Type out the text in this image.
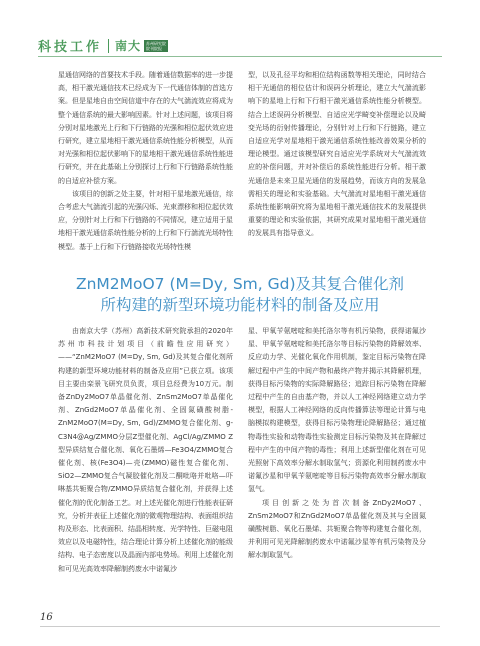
科技工作 南大 苏州研究院
院刊院报

星通信网络的首要技术手段。随着通信数据率的进一步提高，相干激光通信技术已经成为下一代通信体制的首选方案。但是星地自由空间信道中存在的大气湍流效应将成为整个通信系统的最大影响因素。针对上述问题，该项目将分别对星地激光上行和下行链路的光强和相位起伏效应进行研究，建立星地相干激光通信系统性能分析模型，从而对光强和相位起伏影响下的星地相干激光通信系统性能进行研究，并在此基础上分别探讨上行和下行链路系统性能的自适应补偿方案。

该项目的创新之处主要，针对相干星地激光通信，综合考虑大气湍流引起的光强闪烁、光束漂移和相位起伏效应，分别针对上行和下行链路的不同情况，建立适用于星地相干激光通信系统性能分析的上行和下行湍流光场特性模型。基于上行和下行链路接收光场特性模

型，以及孔径平均和相位结构函数等相关理论，同时结合相干光通信的相位估计和误码分析理论，建立大气湍流影响下的星地上行和下行相干激光通信系统性能分析模型。结合上述误码分析模型、自适应光学畸变补偿理论以及畸变光场的衍射传播理论，分别针对上行和下行链路，建立自适应光学对星地相干激光通信系统性能改善效果分析的理论模型。通过该模型研究自适应光学系统对大气湍流效应的补偿问题，并对补偿后的系统性能进行分析。相干激光通信是未来卫星光通信的发展趋势，而该方向的发展急需相关的理论和实验基础。大气湍流对星地相干激光通信系统性能影响研究将为星地相干激光通信技术的发展提供重要的理论和实验依据，其研究成果对星地相干激光通信的发展具有指导意义。

ZnM2MoO7 (M=Dy, Sm, Gd)及其复合催化剂
所构建的新型环境功能材料的制备及应用

由南京大学（苏州）高新技术研究院承担的2020年苏州市科技计划项目（前瞻性应用研究）——“ZnM2MoO7 (M=Dy, Sm, Gd)及其复合催化剂所构建的新型环境功能材料的制备及应用”已获立项。该项目主要由栾景飞研究员负责，项目总经费为10万元。制备ZnDy2MoO7单晶催化剂、ZnSm2MoO7单晶催化剂、ZnGd2MoO7单晶催化剂、全固氮磺酸树脂-ZnM2MoO7(M=Dy, Sm, Gd)/ZMMO复合催化剂、g-C3N4@Ag/ZMMO分层Z型催化剂、AgCl/Ag/ZMMO Z型异质结复合催化剂、氧化石墨烯—Fe3O4/ZMMO复合催化剂、核(Fe3O4)—壳(ZMMO)磁性复合催化剂、SiO2—ZMMO复合气凝胶催化剂及二酮吡咯并吡咯—吓啉基共轭聚合物/ZMMO异质结复合催化剂，并获得上述催化剂的优化制备工艺。对上述光催化剂进行性能表征研究，分析并表征上述催化剂的微观物理结构、表面组织结构及形态、比表面积、结晶相转度、光学特性、巨磁电阻效应以及电磁特性，结合理论计算分析上述催化剂的能级结构、电子态密度以及晶面内部电势场。利用上述催化剂和可见光高效率降解制药废水中诺氟沙

星、甲氧苄氨嘧啶和美托洛尔等有机污染物，获得诺氟沙星、甲氧苄氨嘧啶和美托洛尔等目标污染物的降解效率、反应动力学、光催化氧化作用机制，鉴定目标污染物在降解过程中产生的中间产物和最终产物并揭示其降解机理，获得目标污染物的实际降解路径；追踪目标污染物在降解过程中产生的自由基产物，并以人工神经网络建立动力学模型，根据人工神经网络的反向传播算法等理论计算与电脑模拟构建模型，获得目标污染物理论降解路径；通过植物毒性实验和动物毒性实验测定目标污染物及其在降解过程中产生的中间产物的毒性；利用上述新型催化剂在可见光照射下高效率分解水制取氢气；资源化利用制药废水中诺氟沙星和甲氧苄氨嘧啶等目标污染物高效率分解水制取氢气。

项目创新之处为首次制备ZnDy2MoO7、ZnSm2MoO7和ZnGd2MoO7单晶催化剂及其与全固氮磺酸树脂、氧化石墨烯、共轭聚合物等构建复合催化剂，并利用可见光降解制药废水中诺氟沙星等有机污染物及分解水制取氢气。

16
